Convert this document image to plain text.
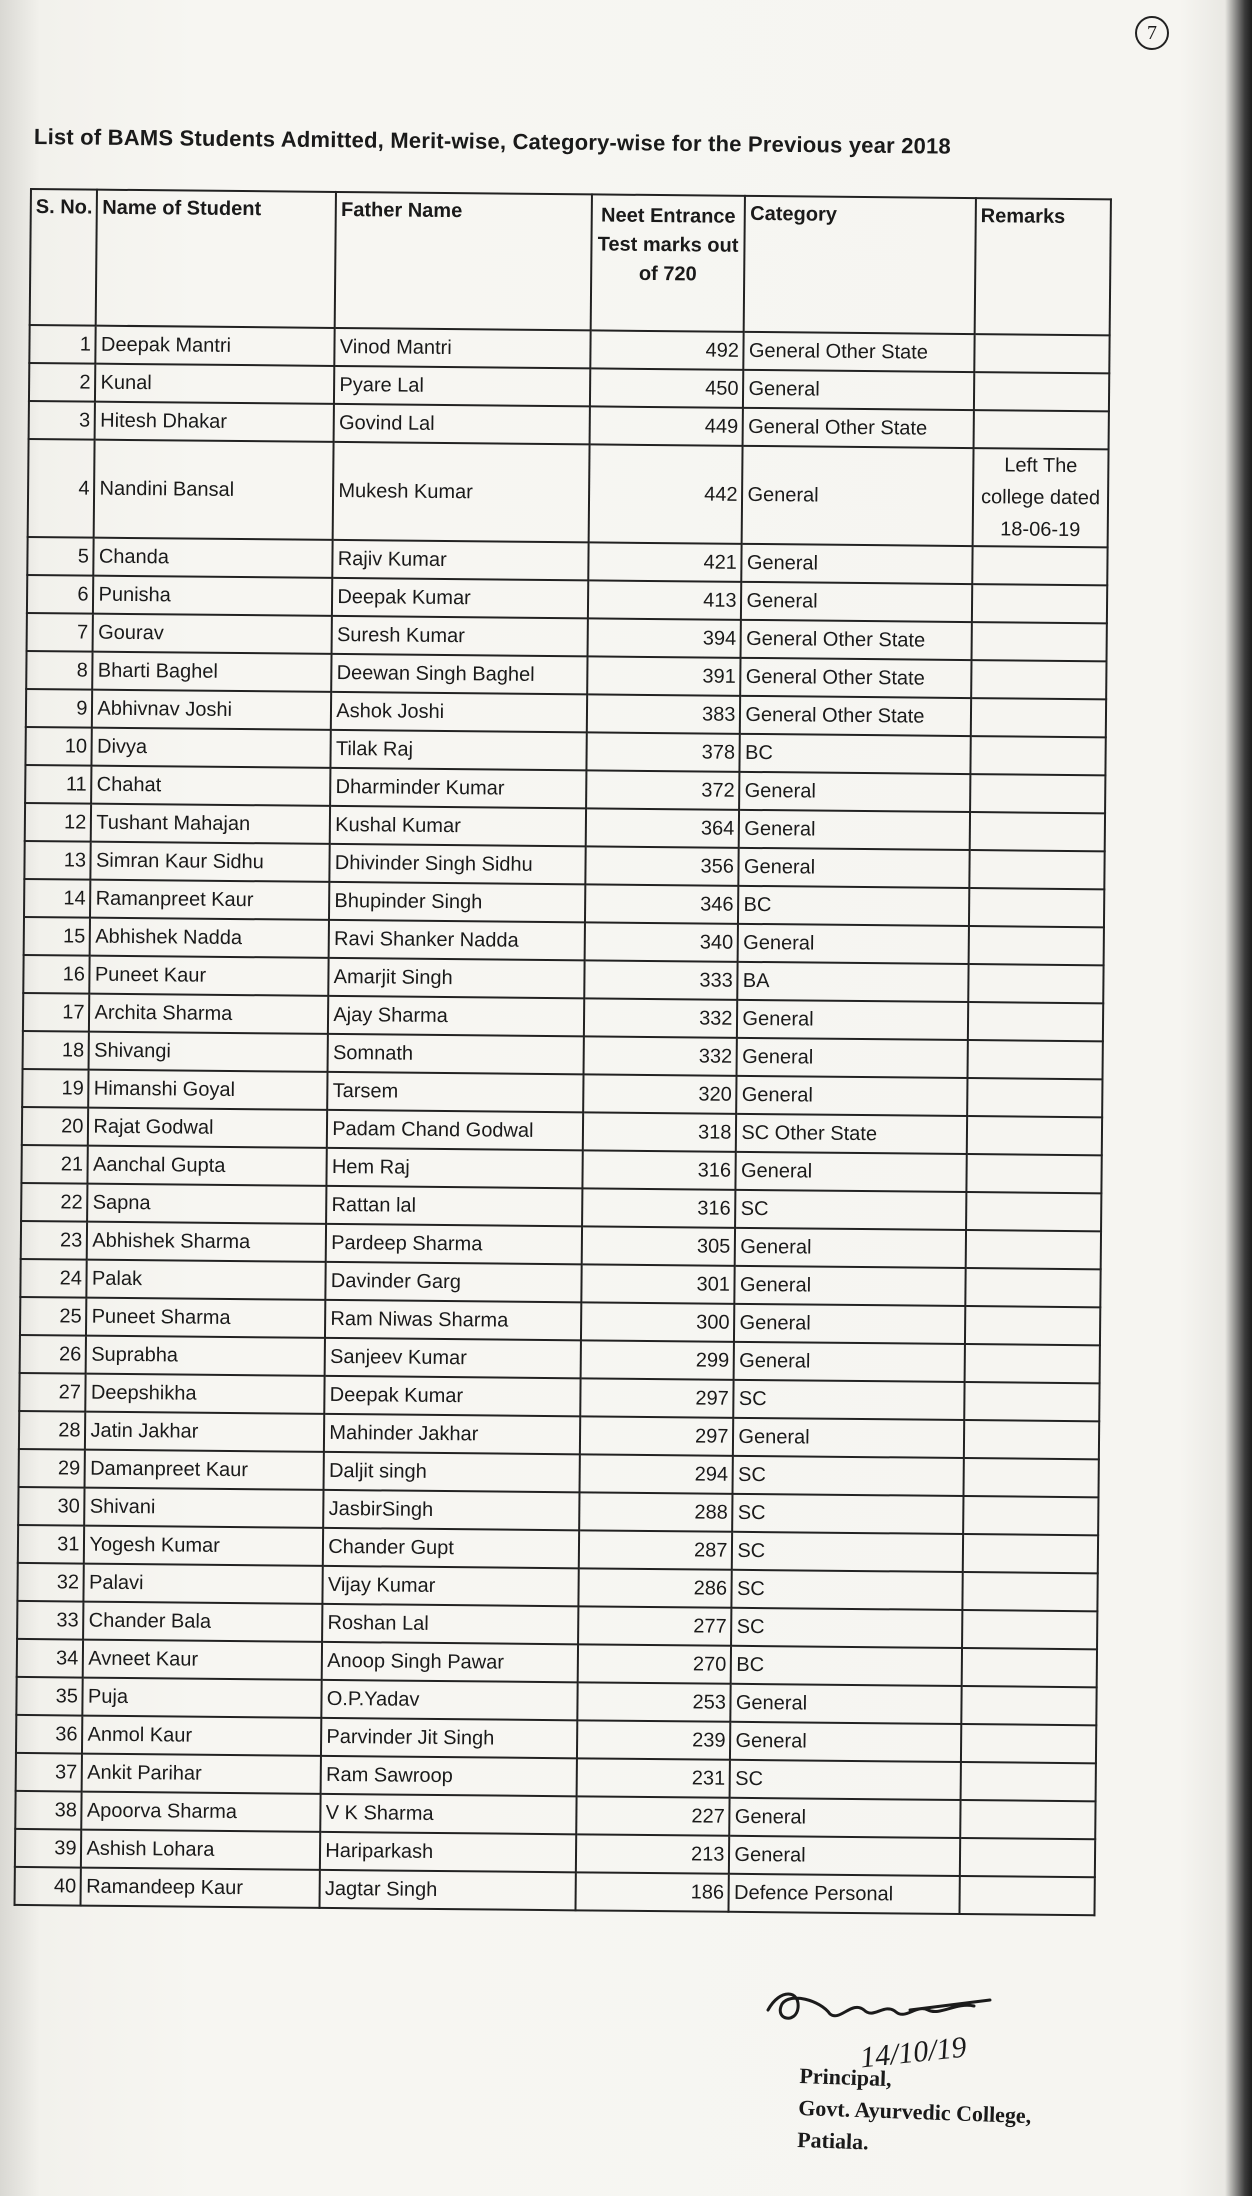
7
List of BAMS Students Admitted, Merit-wise, Category-wise for the Previous year 2018
S. No.	Name of Student	Father Name	Neet Entrance Test marks out of 720	Category	Remarks
1	Deepak Mantri	Vinod Mantri	492	General Other State	
2	Kunal	Pyare Lal	450	General	
3	Hitesh Dhakar	Govind Lal	449	General Other State	
4	Nandini Bansal	Mukesh Kumar	442	General	Left The college dated 18-06-19
5	Chanda	Rajiv Kumar	421	General	
6	Punisha	Deepak Kumar	413	General	
7	Gourav	Suresh Kumar	394	General Other State	
8	Bharti Baghel	Deewan Singh Baghel	391	General Other State	
9	Abhivnav Joshi	Ashok Joshi	383	General Other State	
10	Divya	Tilak Raj	378	BC	
11	Chahat	Dharminder Kumar	372	General	
12	Tushant Mahajan	Kushal Kumar	364	General	
13	Simran Kaur Sidhu	Dhivinder Singh Sidhu	356	General	
14	Ramanpreet Kaur	Bhupinder Singh	346	BC	
15	Abhishek Nadda	Ravi Shanker Nadda	340	General	
16	Puneet Kaur	Amarjit Singh	333	BA	
17	Archita Sharma	Ajay Sharma	332	General	
18	Shivangi	Somnath	332	General	
19	Himanshi Goyal	Tarsem	320	General	
20	Rajat Godwal	Padam Chand Godwal	318	SC Other State	
21	Aanchal Gupta	Hem Raj	316	General	
22	Sapna	Rattan lal	316	SC	
23	Abhishek Sharma	Pardeep Sharma	305	General	
24	Palak	Davinder Garg	301	General	
25	Puneet Sharma	Ram Niwas Sharma	300	General	
26	Suprabha	Sanjeev Kumar	299	General	
27	Deepshikha	Deepak Kumar	297	SC	
28	Jatin Jakhar	Mahinder Jakhar	297	General	
29	Damanpreet Kaur	Daljit singh	294	SC	
30	Shivani	JasbirSingh	288	SC	
31	Yogesh Kumar	Chander Gupt	287	SC	
32	Palavi	Vijay Kumar	286	SC	
33	Chander Bala	Roshan Lal	277	SC	
34	Avneet Kaur	Anoop Singh Pawar	270	BC	
35	Puja	O.P.Yadav	253	General	
36	Anmol Kaur	Parvinder Jit Singh	239	General	
37	Ankit Parihar	Ram Sawroop	231	SC	
38	Apoorva Sharma	V K Sharma	227	General	
39	Ashish Lohara	Hariparkash	213	General	
40	Ramandeep Kaur	Jagtar Singh	186	Defence Personal	
14/10/19
Principal,
Govt. Ayurvedic College,
Patiala.
